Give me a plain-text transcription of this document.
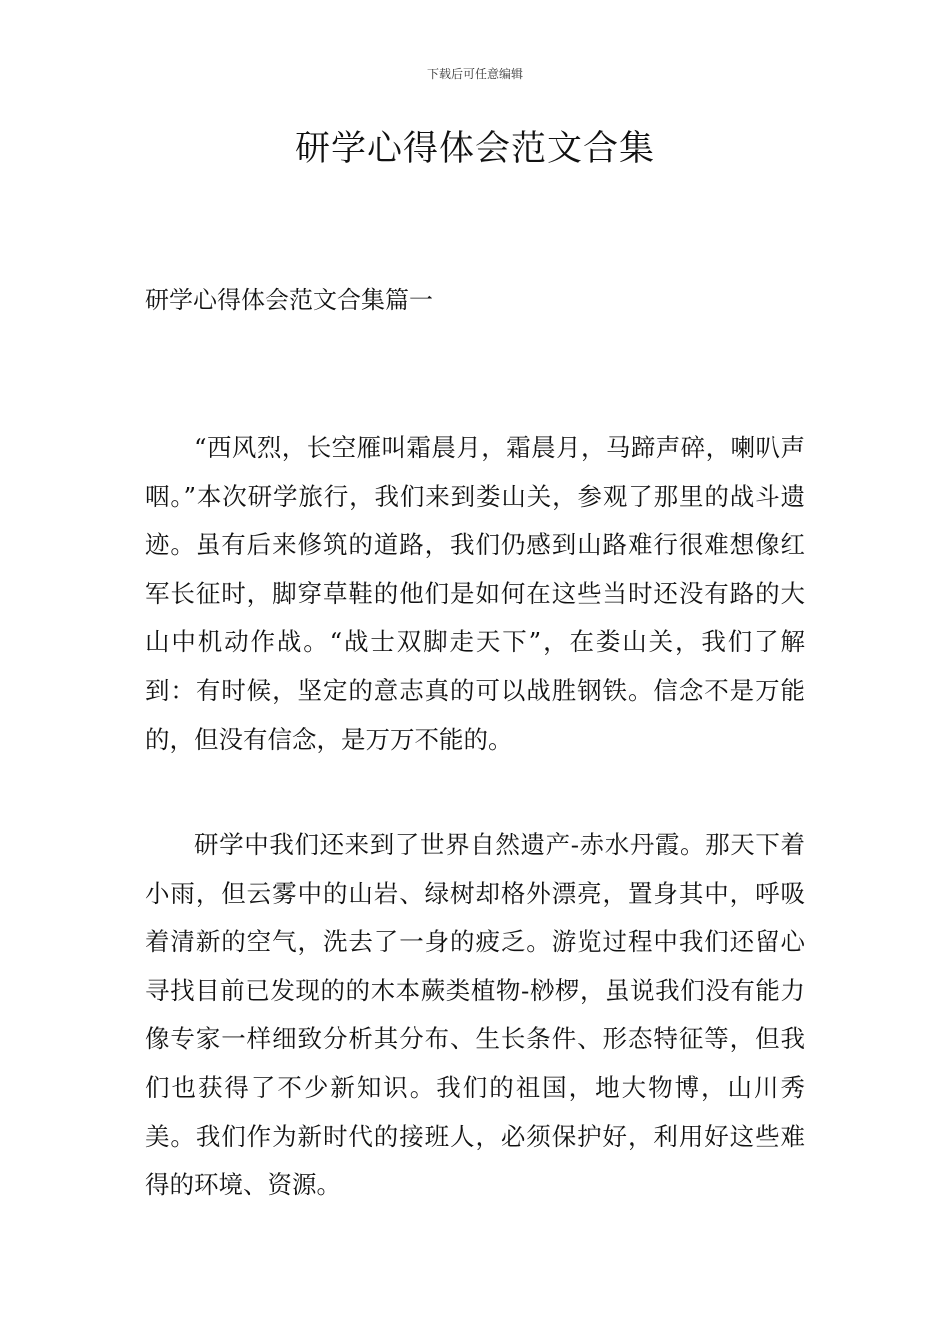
下载后可任意编辑
研学心得体会范文合集
研学心得体会范文合集篇一

“西风烈，长空雁叫霜晨月，霜晨月，马蹄声碎，喇叭声咽。”本次研学旅行，我们来到娄山关，参观了那里的战斗遗迹。虽有后来修筑的道路，我们仍感到山路难行很难想像红军长征时，脚穿草鞋的他们是如何在这些当时还没有路的大山中机动作战。“战士双脚走天下”，在娄山关，我们了解到：有时候，坚定的意志真的可以战胜钢铁。信念不是万能的，但没有信念，是万万不能的。

研学中我们还来到了世界自然遗产-赤水丹霞。那天下着小雨，但云雾中的山岩、绿树却格外漂亮，置身其中，呼吸着清新的空气，洗去了一身的疲乏。游览过程中我们还留心寻找目前已发现的的木本蕨类植物-桫椤，虽说我们没有能力像专家一样细致分析其分布、生长条件、形态特征等，但我们也获得了不少新知识。我们的祖国，地大物博，山川秀美。我们作为新时代的接班人，必须保护好，利用好这些难得的环境、资源。
